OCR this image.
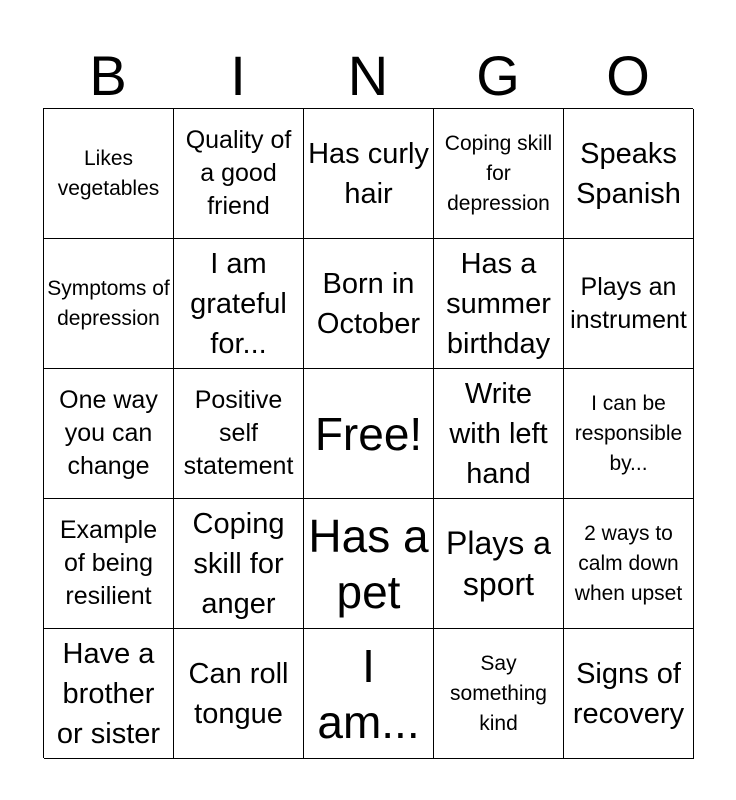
B	I	N	G	O
Likes vegetables
Quality of a good friend
Has curly hair
Coping skill for depression
Speaks Spanish
Symptoms of depression
I am grateful for...
Born in October
Has a summer birthday
Plays an instrument
One way you can change
Positive self statement
Free!
Write with left hand
I can be responsible by...
Example of being resilient
Coping skill for anger
Has a pet
Plays a sport
2 ways to calm down when upset
Have a brother or sister
Can roll tongue
I am...
Say something kind
Signs of recovery
